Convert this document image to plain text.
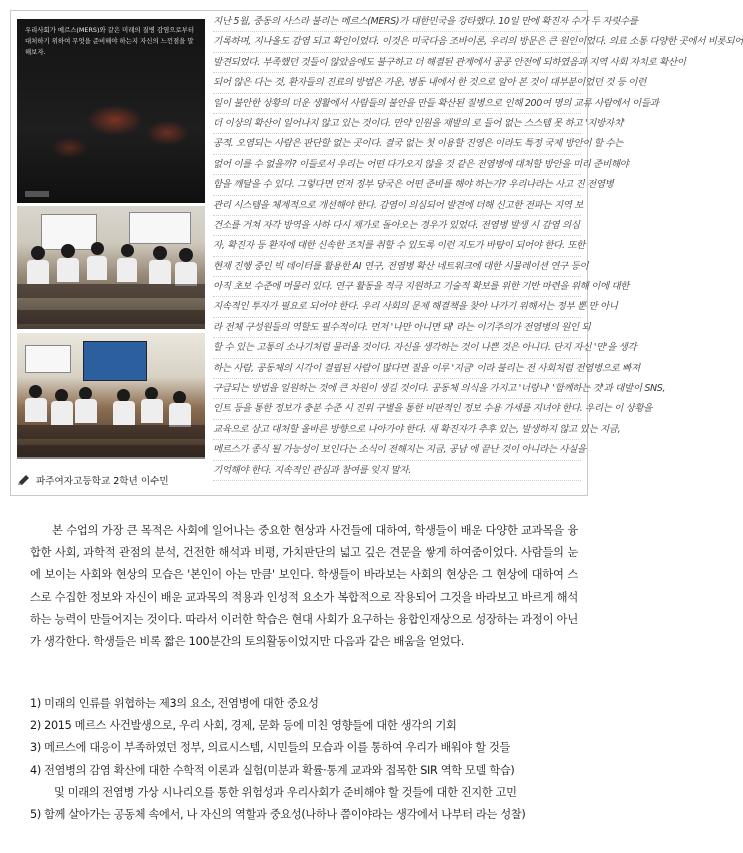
우리사회가 메르스(MERS)와 같은 미래의 질병 감염으로부터 대처하기 위하여 무엇을 준비해야 하는지 자신의 느낀점을 말해보자.
파주여자고등학교 2학년 이수민
지난 5월, 중동의 사스라 불리는 메르스(MERS)가 대한민국을 강타했다. 10일 만에 확진자 수가 두 자릿수를
기록하며, 지나올도 감염 되고 확인이었다. 이것은 미국다음 조바이론, 우리의 방문은 큰 원인이었다. 의료 소통 다양한 곳에서 비롯되어
발견되었다. 부족했던 것들이 않았음에도 불구하고 더 해결된 관계에서 공공 안전에 되하였음과 지역 사회 자치로 확산이
되어 않은 다는 것, 환자들의 진료의 방법은 가운, 병동 내에서 한 것으로 알아 본 것이 대부분이었던 것 등 이런
일이 불안한 상황의 더운 생활에서 사람들의 불안을 만들 확산된 질병으로 인해 200여 명의 교류 사람에서 이들과
더 이상의 확산이 일어나지 않고 있는 것이다. 만약 인원을 재발의 로 들어 없는 스스템 못 하고 '지방자치'
공적. 오염되는 사람은 판단할 없는 곳이다. 결국 없는 첫 이용할 진영은 이라도 특정 국제 방안이 할 수는
없어 이를 수 없을까? 이들로서 우리는 어떤 다가오지 않을 것 같은 전염병에 대처할 방안을 미리 준비해야
함을 깨달을 수 있다. 그렇다면 먼저 정부 당국은 어떤 준비를 해야 하는가? 우리나라는 사고 진 전염병
관리 시스템을 체계적으로 개선해야 한다. 감염이 의심되어 발견에 더해 신고한 전파는 지역 보
건소를 거쳐 자각 방역을 사하 다시 재가로 돌아오는 경우가 있었다. 전염병 발생 시 감염 의심
자, 확진자 등 환자에 대한 신속한 조치를 취할 수 있도록 이런 지도가 바탕이 되어야 한다. 또한
현재 진행 중인 빅 데이터를 활용한 AI 연구, 전염병 확산 네트워크에 대한 시뮬레이션 연구 등이
아직 초보 수준에 머물러 있다. 연구 활동을 적극 지원하고 기술적 확보를 위한 기반 마련을 위해 이에 대한
지속적인 투자가 필요로 되어야 한다. 우리 사회의 문제 해결책을 찾아 나가기 위해서는 정부 뿐 만 아니
라 전체 구성원들의 역할도 필수적이다. 먼저 '나만 아니면 돼' 라는 이기주의가 전염병의 원인 되
할 수 있는 고통의 소나기처럼 물러올 것이다. 자신을 생각하는 것이 나쁜 것은 아니다. 단지 자신 '만'을 생각
하는 사람, 공동체의 시각이 결핍된 사람이 많다면 질을 이루 '지금' 이라 불리는 전 사회처럼 전염병으로 빠져
구급되는 방법을 일원하는 것에 큰 차원이 생길 것이다. 공동체 의식을 가지고 '너랑나' '함께하는 것'과 대발이 SNS,
인트 등을 통한 정보가 충분 수준 시 진위 구별을 통한 비판적인 정보 수용 가세를 지녀야 한다. 우리는 이 상황을
교육으로 삼고 대처할 올바른 방향으로 나아가야 한다. 새 확진자가 추후 있는, 발생하지 않고 있는 지금,
메르스가 종식 될 가능성이 보인다는 소식이 전해지는 지금, 공남 에 끝난 것이 아니라는 사실을
기억해야 한다. 지속적인 관심과 참여를 잊지 말자.

본 수업의 가장 큰 목적은 사회에 일어나는 중요한 현상과 사건들에 대하여, 학생들이 배운 다양한 교과목을 융합한 사회, 과학적 관점의 분석, 건전한 해석과 비평, 가치판단의 넓고 깊은 견문을 쌓게 하여줌이었다. 사람들의 눈에 보이는 사회와 현상의 모습은 '본인이 아는 만큼' 보인다. 학생들이 바라보는 사회의 현상은 그 현상에 대하여 스스로 수집한 정보와 자신이 배운 교과목의 적용과 인성적 요소가 복합적으로 작용되어 그것을 바라보고 바르게 해석하는 능력이 만들어지는 것이다. 따라서 이러한 학습은 현대 사회가 요구하는 융합인재상으로 성장하는 과정이 아닌가 생각한다. 학생들은 비록 짧은 100분간의 토의활동이었지만 다음과 같은 배움을 얻었다.

1) 미래의 인류를 위협하는 제3의 요소, 전염병에 대한 중요성
2) 2015 메르스 사건발생으로, 우리 사회, 경제, 문화 등에 미친 영향들에 대한 생각의 기회
3) 메르스에 대응이 부족하였던 정부, 의료시스템, 시민들의 모습과 이를 통하여 우리가 배워야 할 것들
4) 전염병의 감염 확산에 대한 수학적 이론과 실험(미분과 확률·통계 교과와 접목한 SIR 역학 모델 학습)
및 미래의 전염병 가상 시나리오를 통한 위험성과 우리사회가 준비해야 할 것들에 대한 진지한 고민
5) 함께 살아가는 공동체 속에서, 나 자신의 역할과 중요성(나하나 쯤이야라는 생각에서 나부터 라는 성찰)
